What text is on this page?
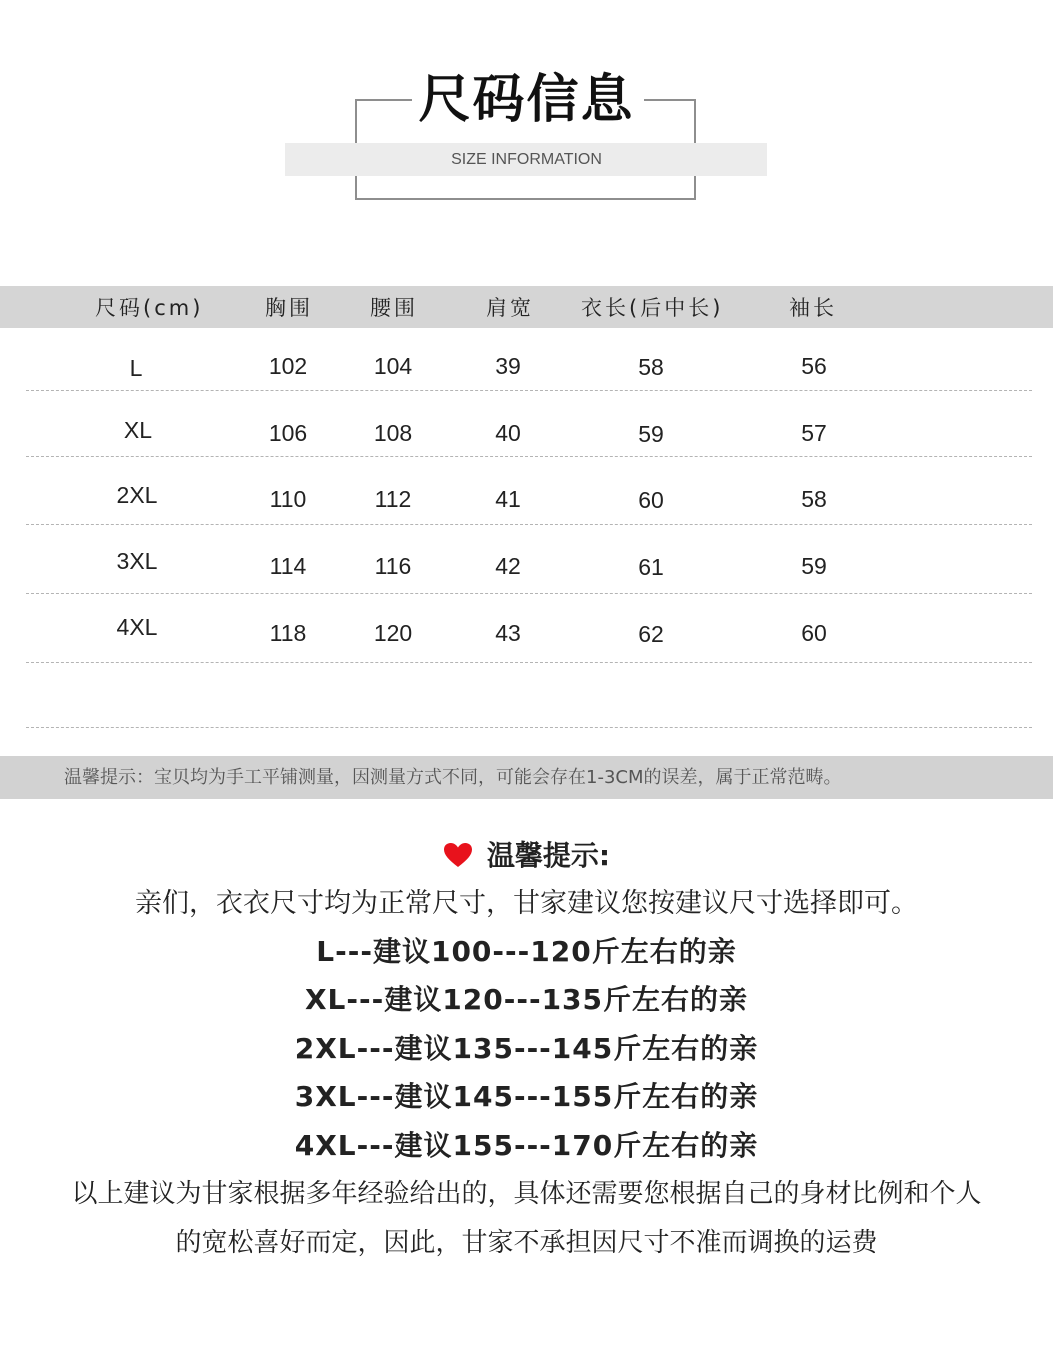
尺码信息
SIZE INFORMATION
尺码(cm)	胸围	腰围	肩宽 衣长(后中长)	袖长
L	102	104	39	58	56
XL	106	108	40	59	57
2XL	110	112	41	60	58
3XL	114	116	42	61	59
4XL	118	120	43	62	60
温馨提示：宝贝均为手工平铺测量，因测量方式不同，可能会存在1-3CM的误差，属于正常范畴。
温馨提示:
亲们，衣衣尺寸均为正常尺寸，甘家建议您按建议尺寸选择即可。
L---建议100---120斤左右的亲
XL---建议120---135斤左右的亲
2XL---建议135---145斤左右的亲
3XL---建议145---155斤左右的亲
4XL---建议155---170斤左右的亲
以上建议为甘家根据多年经验给出的，具体还需要您根据自己的身材比例和个人
的宽松喜好而定，因此，甘家不承担因尺寸不准而调换的运费
